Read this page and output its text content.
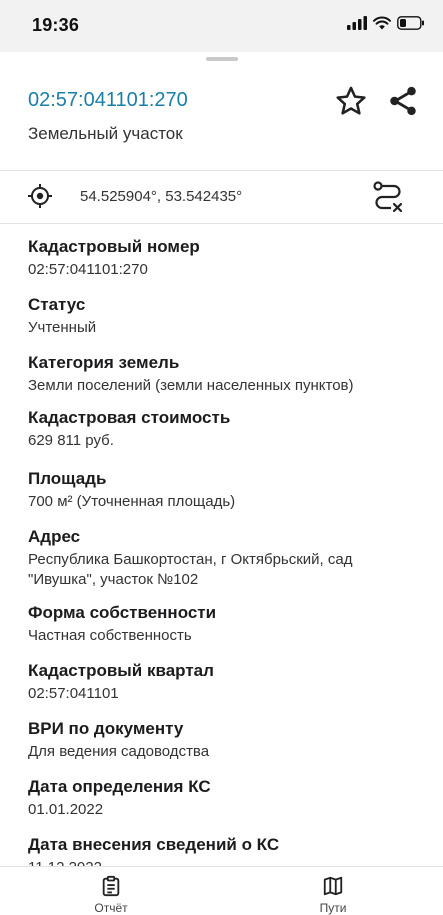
19:36
02:57:041101:270
Земельный участок
54.525904°, 53.542435°
Кадастровый номер
02:57:041101:270
Статус
Учтенный
Категория земель
Земли поселений (земли населенных пунктов)
Кадастровая стоимость
629 811 руб.
Площадь
700 м² (Уточненная площадь)
Адрес
Республика Башкортостан, г Октябрьский, сад "Ивушка", участок №102
Форма собственности
Частная собственность
Кадастровый квартал
02:57:041101
ВРИ по документу
Для ведения садоводства
Дата определения КС
01.01.2022
Дата внесения сведений о КС
Отчёт	Пути
